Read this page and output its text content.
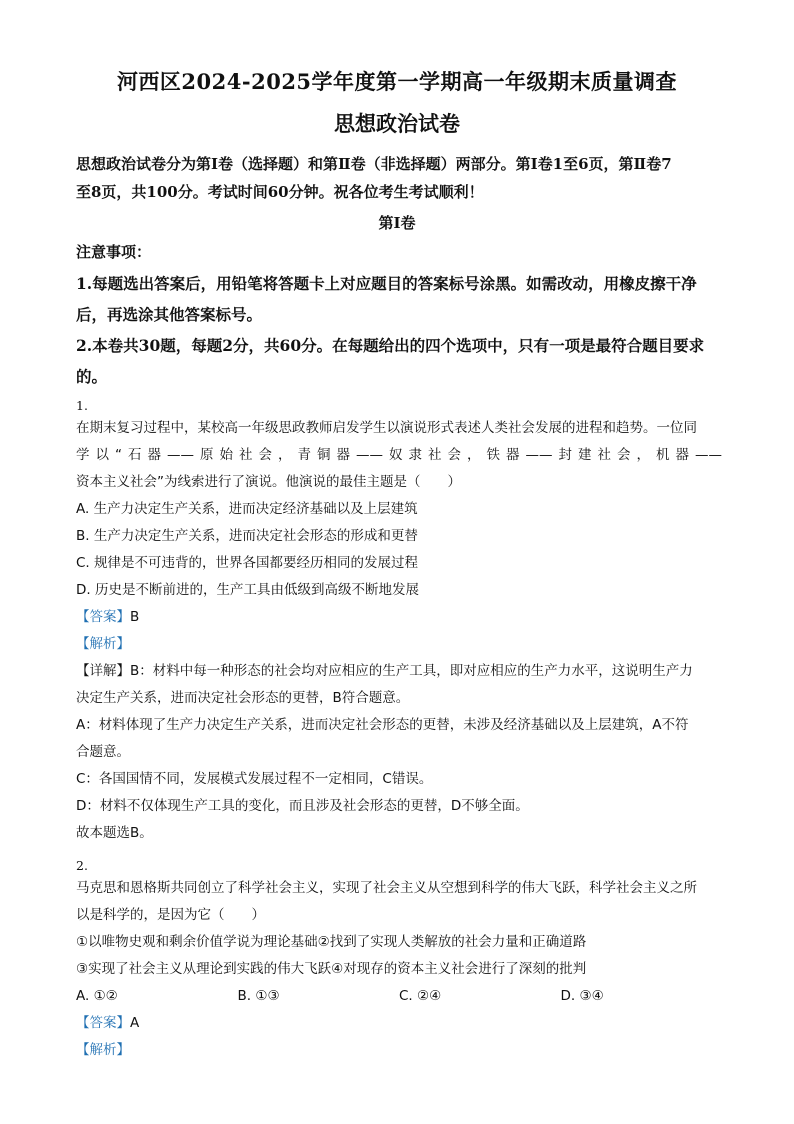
河西区2024-2025学年度第一学期高一年级期末质量调查
思想政治试卷
思想政治试卷分为第Ⅰ卷（选择题）和第Ⅱ卷（非选择题）两部分。第Ⅰ卷1至6页，第Ⅱ卷7
至8页，共100分。考试时间60分钟。祝各位考生考试顺利！
第Ⅰ卷
注意事项：
1.每题选出答案后，用铅笔将答题卡上对应题目的答案标号涂黑。如需改动，用橡皮擦干净
后，再选涂其他答案标号。
2.本卷共30题，每题2分，共60分。在每题给出的四个选项中，只有一项是最符合题目要求
的。
1.
在期末复习过程中，某校高一年级思政教师启发学生以演说形式表述人类社会发展的进程和趋势。一位同
学以“石器——原始社会，青铜器——奴隶社会，铁器——封建社会，机器——
资本主义社会”为线索进行了演说。他演说的最佳主题是（　　）
A. 生产力决定生产关系，进而决定经济基础以及上层建筑
B. 生产力决定生产关系，进而决定社会形态的形成和更替
C. 规律是不可违背的，世界各国都要经历相同的发展过程
D. 历史是不断前进的，生产工具由低级到高级不断地发展
【答案】B
【解析】
【详解】B：材料中每一种形态的社会均对应相应的生产工具，即对应相应的生产力水平，这说明生产力
决定生产关系，进而决定社会形态的更替，B符合题意。
A：材料体现了生产力决定生产关系，进而决定社会形态的更替，未涉及经济基础以及上层建筑，A不符
合题意。
C：各国国情不同，发展模式发展过程不一定相同，C错误。
D：材料不仅体现生产工具的变化，而且涉及社会形态的更替，D不够全面。
故本题选B。
2.
马克思和恩格斯共同创立了科学社会主义，实现了社会主义从空想到科学的伟大飞跃，科学社会主义之所
以是科学的，是因为它（　　）
①以唯物史观和剩余价值学说为理论基础②找到了实现人类解放的社会力量和正确道路
③实现了社会主义从理论到实践的伟大飞跃④对现存的资本主义社会进行了深刻的批判
A. ①②	B. ①③	C. ②④	D. ③④
【答案】A
【解析】
